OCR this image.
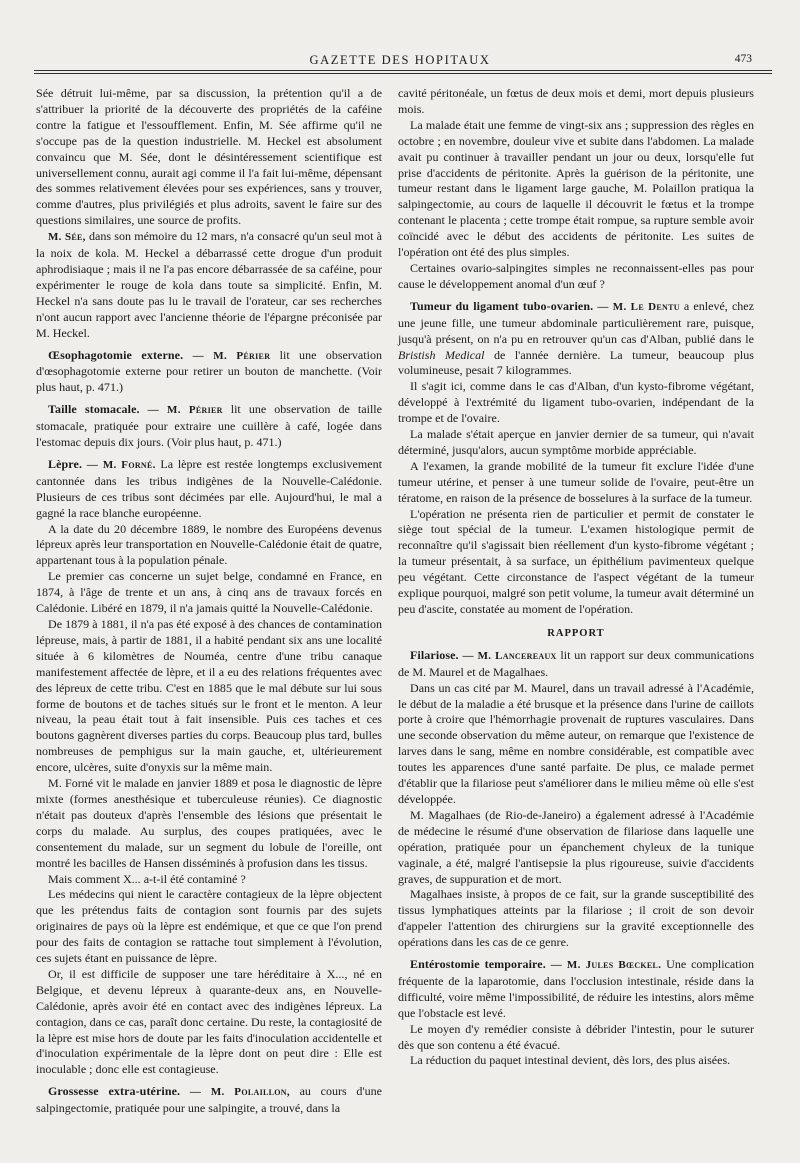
GAZETTE DES HOPITAUX	473

Sée détruit lui-même, par sa discussion, la prétention qu'il a de s'attribuer la priorité de la découverte des propriétés de la caféine contre la fatigue et l'essoufflement. Enfin, M. Sée affirme qu'il ne s'occupe pas de la question industrielle. M. Heckel est absolument convaincu que M. Sée, dont le désintéressement scientifique est universellement connu, aurait agi comme il l'a fait lui-même, dépensant des sommes relativement élevées pour ses expériences, sans y trouver, comme d'autres, plus privilégiés et plus adroits, savent le faire sur des questions similaires, une source de profits.

M. Sée, dans son mémoire du 12 mars, n'a consacré qu'un seul mot à la noix de kola. M. Heckel a débarrassé cette drogue d'un produit aphrodisiaque ; mais il ne l'a pas encore débarrassée de sa caféine, pour expérimenter le rouge de kola dans toute sa simplicité. Enfin, M. Heckel n'a sans doute pas lu le travail de l'orateur, car ses recherches n'ont aucun rapport avec l'ancienne théorie de l'épargne préconisée par M. Heckel.

Œsophagotomie externe. — M. Périer lit une observation d'œsophagotomie externe pour retirer un bouton de manchette. (Voir plus haut, p. 471.)

Taille stomacale. — M. Périer lit une observation de taille stomacale, pratiquée pour extraire une cuillère à café, logée dans l'estomac depuis dix jours. (Voir plus haut, p. 471.)

Lèpre. — M. Forné. La lèpre est restée longtemps exclusivement cantonnée dans les tribus indigènes de la Nouvelle-Calédonie. Plusieurs de ces tribus sont décimées par elle. Aujourd'hui, le mal a gagné la race blanche européenne.

A la date du 20 décembre 1889, le nombre des Européens devenus lépreux après leur transportation en Nouvelle-Calédonie était de quatre, appartenant tous à la population pénale.

Le premier cas concerne un sujet belge, condamné en France, en 1874, à l'âge de trente et un ans, à cinq ans de travaux forcés en Calédonie. Libéré en 1879, il n'a jamais quitté la Nouvelle-Calédonie.

De 1879 à 1881, il n'a pas été exposé à des chances de contamination lépreuse, mais, à partir de 1881, il a habité pendant six ans une localité située à 6 kilomètres de Nouméa, centre d'une tribu canaque manifestement affectée de lèpre, et il a eu des relations fréquentes avec des lépreux de cette tribu. C'est en 1885 que le mal débute sur lui sous forme de boutons et de taches situés sur le front et le menton. A leur niveau, la peau était tout à fait insensible. Puis ces taches et ces boutons gagnèrent diverses parties du corps. Beaucoup plus tard, bulles nombreuses de pemphigus sur la main gauche, et, ultérieurement encore, ulcères, suite d'onyxis sur la même main.

M. Forné vit le malade en janvier 1889 et posa le diagnostic de lèpre mixte (formes anesthésique et tuberculeuse réunies). Ce diagnostic n'était pas douteux d'après l'ensemble des lésions que présentait le corps du malade. Au surplus, des coupes pratiquées, avec le consentement du malade, sur un segment du lobule de l'oreille, ont montré les bacilles de Hansen disséminés à profusion dans les tissus.

Mais comment X... a-t-il été contaminé ?

Les médecins qui nient le caractère contagieux de la lèpre objectent que les prétendus faits de contagion sont fournis par des sujets originaires de pays où la lèpre est endémique, et que ce que l'on prend pour des faits de contagion se rattache tout simplement à l'évolution, ces sujets étant en puissance de lèpre.

Or, il est difficile de supposer une tare héréditaire à X..., né en Belgique, et devenu lépreux à quarante-deux ans, en Nouvelle-Calédonie, après avoir été en contact avec des indigènes lépreux. La contagion, dans ce cas, paraît donc certaine. Du reste, la contagiosité de la lèpre est mise hors de doute par les faits d'inoculation accidentelle et d'inoculation expérimentale de la lèpre dont on peut dire : Elle est inoculable ; donc elle est contagieuse.

Grossesse extra-utérine. — M. Polaillon, au cours d'une salpingectomie, pratiquée pour une salpingite, a trouvé, dans la

cavité péritonéale, un fœtus de deux mois et demi, mort depuis plusieurs mois.

La malade était une femme de vingt-six ans ; suppression des règles en octobre ; en novembre, douleur vive et subite dans l'abdomen. La malade avait pu continuer à travailler pendant un jour ou deux, lorsqu'elle fut prise d'accidents de péritonite. Après la guérison de la péritonite, une tumeur restant dans le ligament large gauche, M. Polaillon pratiqua la salpingectomie, au cours de laquelle il découvrit le fœtus et la trompe contenant le placenta ; cette trompe était rompue, sa rupture semble avoir coïncidé avec le début des accidents de péritonite. Les suites de l'opération ont été des plus simples.

Certaines ovario-salpingites simples ne reconnaissent-elles pas pour cause le développement anomal d'un œuf ?

Tumeur du ligament tubo-ovarien. — M. Le Dentu a enlevé, chez une jeune fille, une tumeur abdominale particulièrement rare, puisque, jusqu'à présent, on n'a pu en retrouver qu'un cas d'Alban, publié dans le Bristish Medical de l'année dernière. La tumeur, beaucoup plus volumineuse, pesait 7 kilogrammes.

Il s'agit ici, comme dans le cas d'Alban, d'un kysto-fibrome végétant, développé à l'extrémité du ligament tubo-ovarien, indépendant de la trompe et de l'ovaire.

La malade s'était aperçue en janvier dernier de sa tumeur, qui n'avait déterminé, jusqu'alors, aucun symptôme morbide appréciable.

A l'examen, la grande mobilité de la tumeur fit exclure l'idée d'une tumeur utérine, et penser à une tumeur solide de l'ovaire, peut-être un tératome, en raison de la présence de bosselures à la surface de la tumeur.

L'opération ne présenta rien de particulier et permit de constater le siège tout spécial de la tumeur. L'examen histologique permit de reconnaître qu'il s'agissait bien réellement d'un kysto-fibrome végétant ; la tumeur présentait, à sa surface, un épithélium pavimenteux quelque peu végétant. Cette circonstance de l'aspect végétant de la tumeur explique pourquoi, malgré son petit volume, la tumeur avait déterminé un peu d'ascite, constatée au moment de l'opération.

RAPPORT

Filariose. — M. Lancereaux lit un rapport sur deux communications de M. Maurel et de Magalhaes.

Dans un cas cité par M. Maurel, dans un travail adressé à l'Académie, le début de la maladie a été brusque et la présence dans l'urine de caillots porte à croire que l'hémorrhagie provenait de ruptures vasculaires. Dans une seconde observation du même auteur, on remarque que l'existence de larves dans le sang, même en nombre considérable, est compatible avec toutes les apparences d'une santé parfaite. De plus, ce malade permet d'établir que la filariose peut s'améliorer dans le milieu même où elle s'est développée.

M. Magalhaes (de Rio-de-Janeiro) a également adressé à l'Académie de médecine le résumé d'une observation de filariose dans laquelle une opération, pratiquée pour un épanchement chyleux de la tunique vaginale, a été, malgré l'antisepsie la plus rigoureuse, suivie d'accidents graves, de suppuration et de mort.

Magalhaes insiste, à propos de ce fait, sur la grande susceptibilité des tissus lymphatiques atteints par la filariose ; il croit de son devoir d'appeler l'attention des chirurgiens sur la gravité exceptionnelle des opérations dans les cas de ce genre.

Entérostomie temporaire. — M. Jules Bœckel. Une complication fréquente de la laparotomie, dans l'occlusion intestinale, réside dans la difficulté, voire même l'impossibilité, de réduire les intestins, alors même que l'obstacle est levé.

Le moyen d'y remédier consiste à débrider l'intestin, pour le suturer dès que son contenu a été évacué.

La réduction du paquet intestinal devient, dès lors, des plus aisées.
